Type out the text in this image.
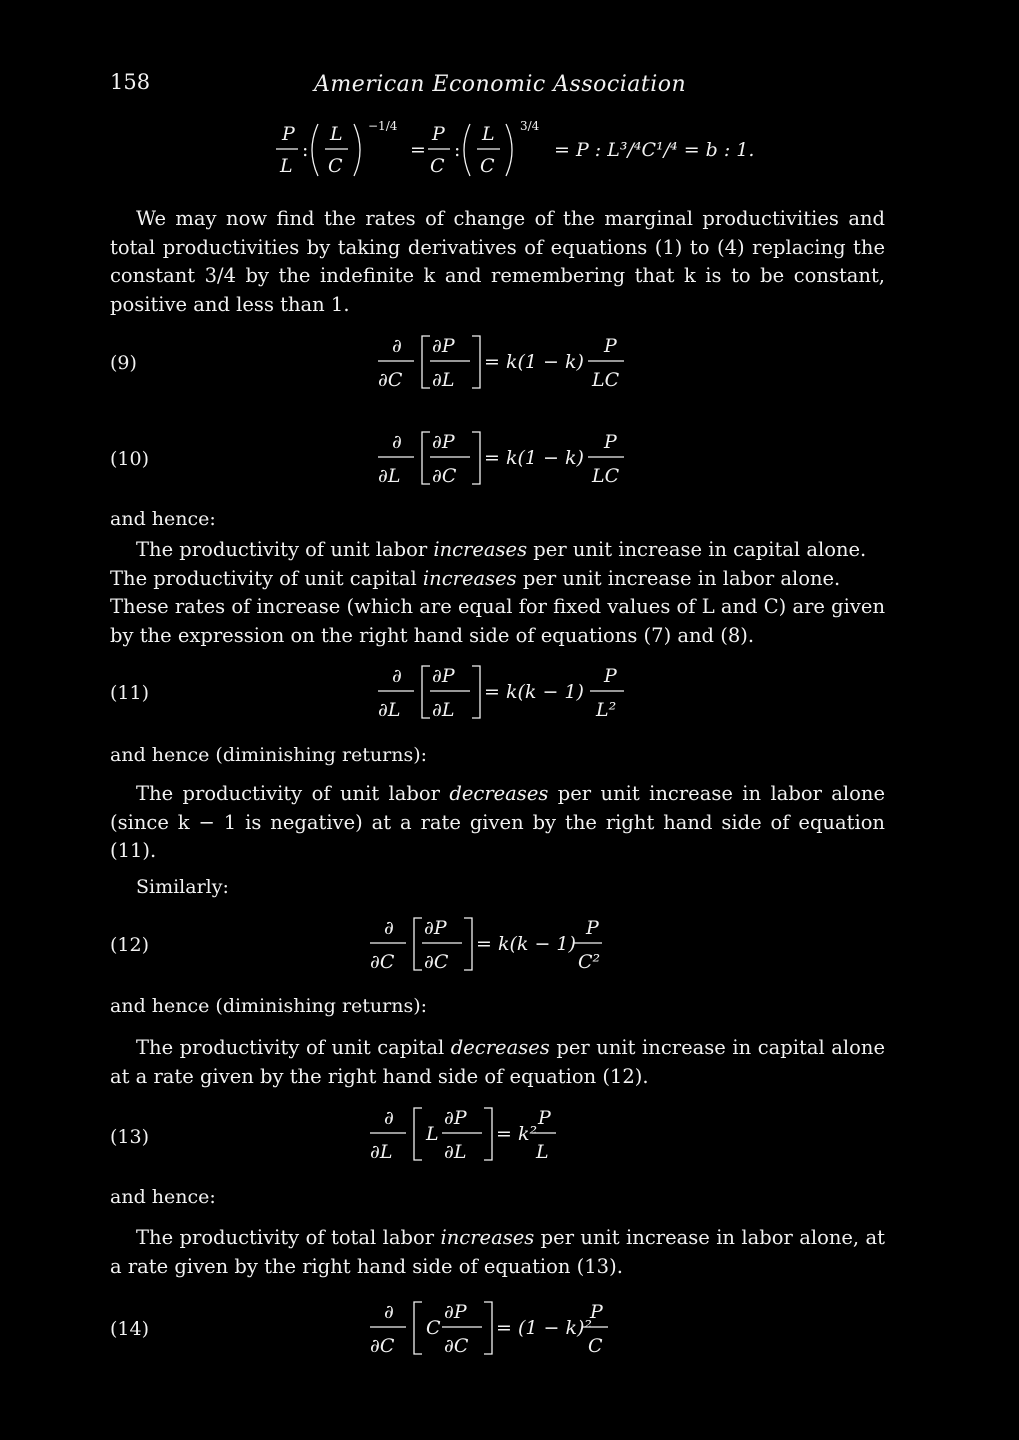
158	American Economic Association
P
L
:
L
C
−1/4
=
P
C
:
L
C
3/4
= P : L³/⁴C¹/⁴ = b : 1.
We may now find the rates of change of the marginal productivities and total productivities by taking derivatives of equations (1) to (4) replacing the constant 3/4 by the indefinite k and remembering that k is to be constant, positive and less than 1.
(9)
∂
∂C
∂P
∂L
= k(1 − k)
P
LC
(10)
∂
∂L
∂P
∂C
= k(1 − k)
P
LC
and hence:
The productivity of unit labor increases per unit increase in capital alone.
The productivity of unit capital increases per unit increase in labor alone.
These rates of increase (which are equal for fixed values of L and C) are given by the expression on the right hand side of equations (7) and (8).
(11)
∂
∂L
∂P
∂L
= k(k − 1)
P
L²
and hence (diminishing returns):
The productivity of unit labor decreases per unit increase in labor alone (since k − 1 is negative) at a rate given by the right hand side of equation (11).
Similarly:
(12)
∂
∂C
∂P
∂C
= k(k − 1)
P
C²
and hence (diminishing returns):
The productivity of unit capital decreases per unit increase in capital alone at a rate given by the right hand side of equation (12).
(13)
∂
∂L
L
∂P
∂L
= k²
P
L
and hence:
The productivity of total labor increases per unit increase in labor alone, at a rate given by the right hand side of equation (13).
(14)
∂
∂C
C
∂P
∂C
= (1 − k)²
P
C
